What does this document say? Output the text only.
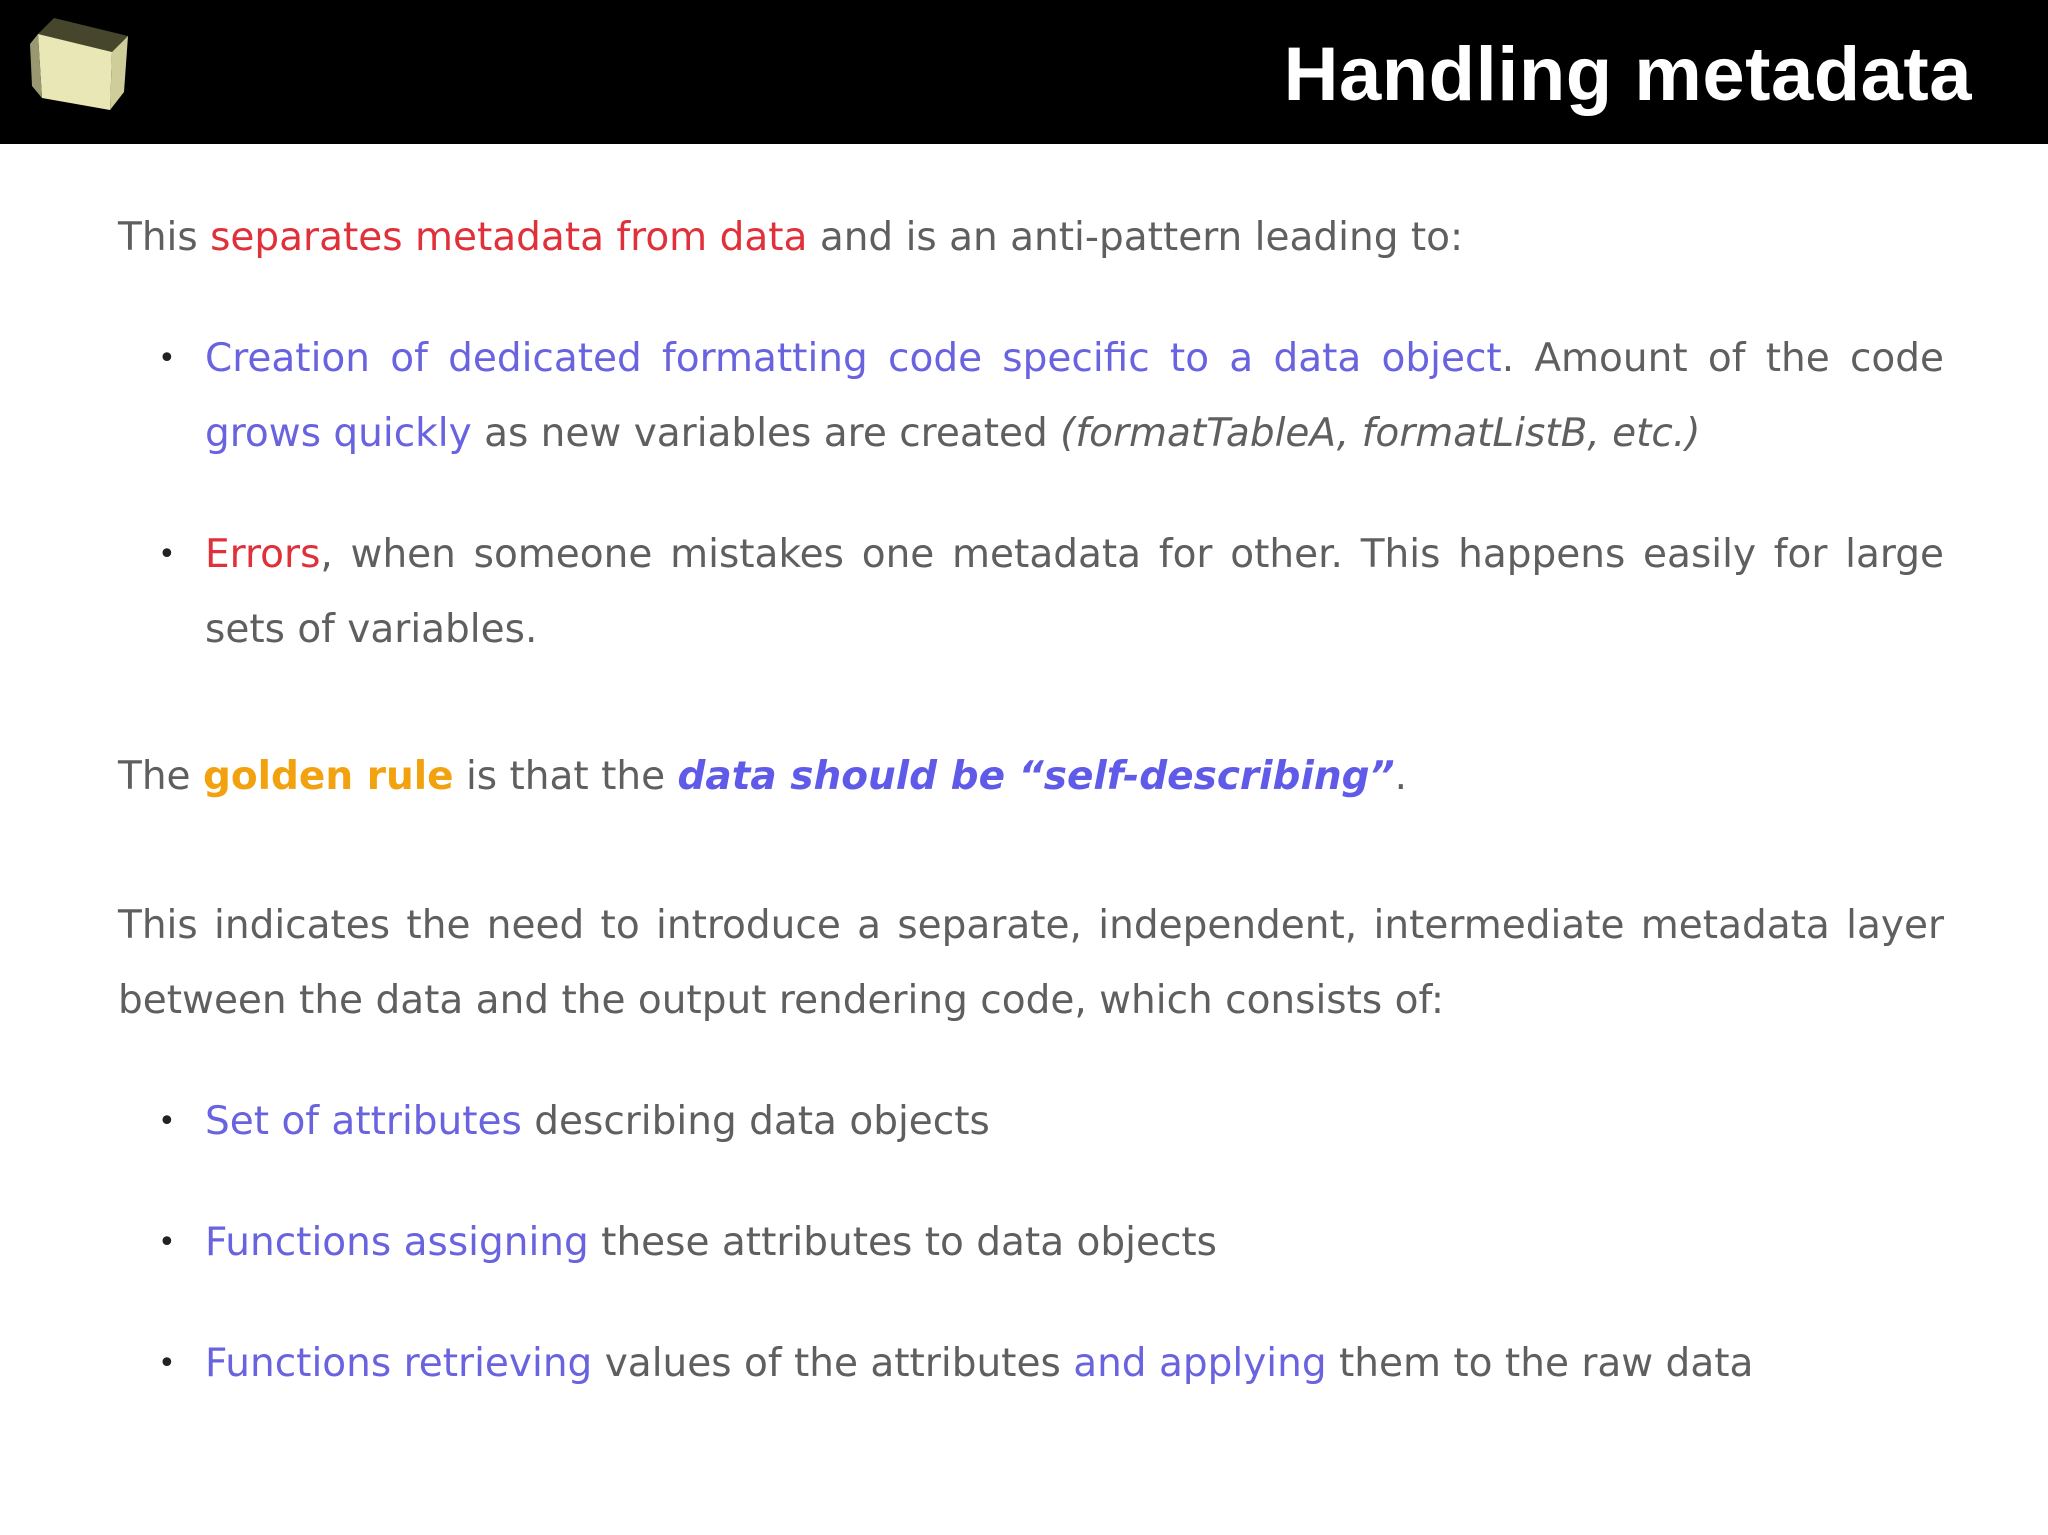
Handling metadata

This separates metadata from data and is an anti-pattern leading to:

• Creation of dedicated formatting code specific to a data object. Amount of the code grows quickly as new variables are created (formatTableA, formatListB, etc.)
• Errors, when someone mistakes one metadata for other. This happens easily for large sets of variables.

The golden rule is that the data should be “self-describing”.

This indicates the need to introduce a separate, independent, intermediate metadata layer between the data and the output rendering code, which consists of:

• Set of attributes describing data objects
• Functions assigning these attributes to data objects
• Functions retrieving values of the attributes and applying them to the raw data
